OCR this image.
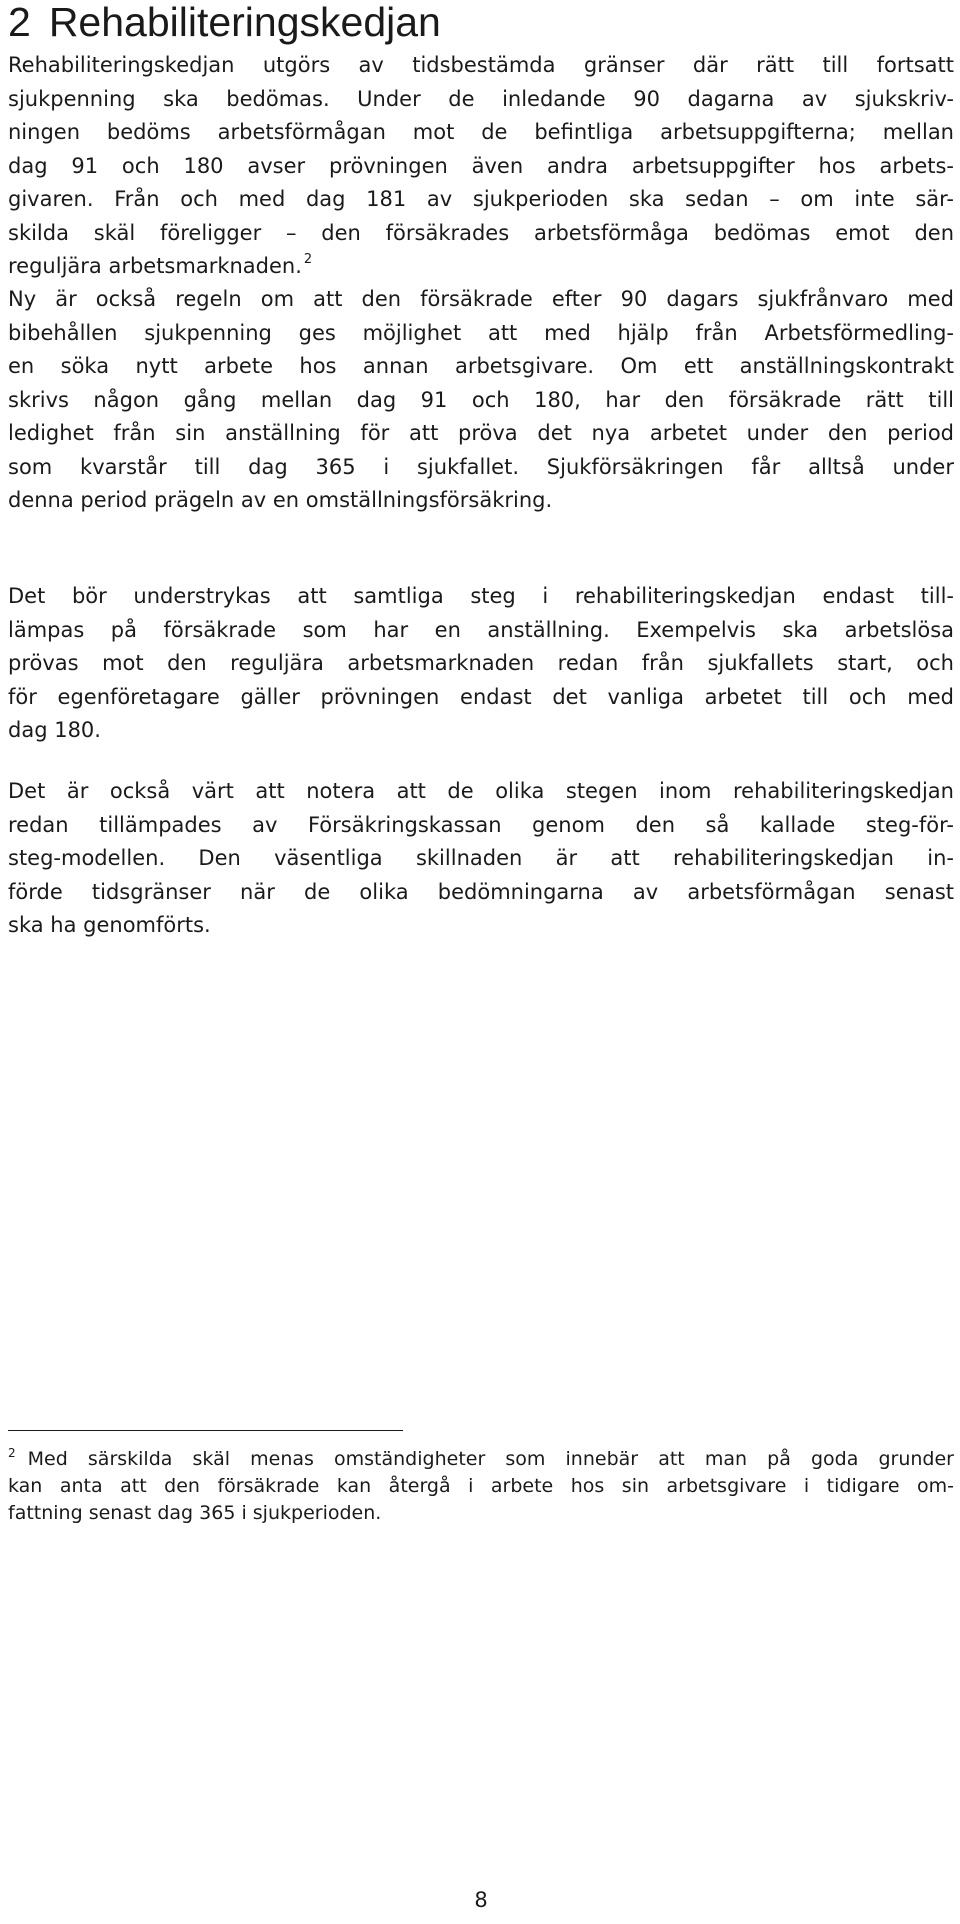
2 Rehabiliteringskedjan
Rehabiliteringskedjan utgörs av tidsbestämda gränser där rätt till fortsatt
sjukpenning ska bedömas. Under de inledande 90 dagarna av sjukskriv-
ningen bedöms arbetsförmågan mot de befintliga arbetsuppgifterna; mellan
dag 91 och 180 avser prövningen även andra arbetsuppgifter hos arbets-
givaren. Från och med dag 181 av sjukperioden ska sedan – om inte sär-
skilda skäl föreligger – den försäkrades arbetsförmåga bedömas emot den
reguljära arbetsmarknaden. $^2$
Ny är också regeln om att den försäkrade efter 90 dagars sjukfrånvaro med
bibehållen sjukpenning ges möjlighet att med hjälp från Arbetsförmedling-
en söka nytt arbete hos annan arbetsgivare. Om ett anställningskontrakt
skrivs någon gång mellan dag 91 och 180, har den försäkrade rätt till
ledighet från sin anställning för att pröva det nya arbetet under den period
som kvarstår till dag 365 i sjukfallet. Sjukförsäkringen får alltså under
denna period prägeln av en omställningsförsäkring.
Det bör understrykas att samtliga steg i rehabiliteringskedjan endast till-
lämpas på försäkrade som har en anställning. Exempelvis ska arbetslösa
prövas mot den reguljära arbetsmarknaden redan från sjukfallets start, och
för egenföretagare gäller prövningen endast det vanliga arbetet till och med
dag 180.
Det är också värt att notera att de olika stegen inom rehabiliteringskedjan
redan tillämpades av Försäkringskassan genom den så kallade steg-för-
steg-modellen. Den väsentliga skillnaden är att rehabiliteringskedjan in-
förde tidsgränser när de olika bedömningarna av arbetsförmågan senast
ska ha genomförts.
$^2$ Med särskilda skäl menas omständigheter som innebär att man på goda grunder
kan anta att den försäkrade kan återgå i arbete hos sin arbetsgivare i tidigare om-
fattning senast dag 365 i sjukperioden.
8
